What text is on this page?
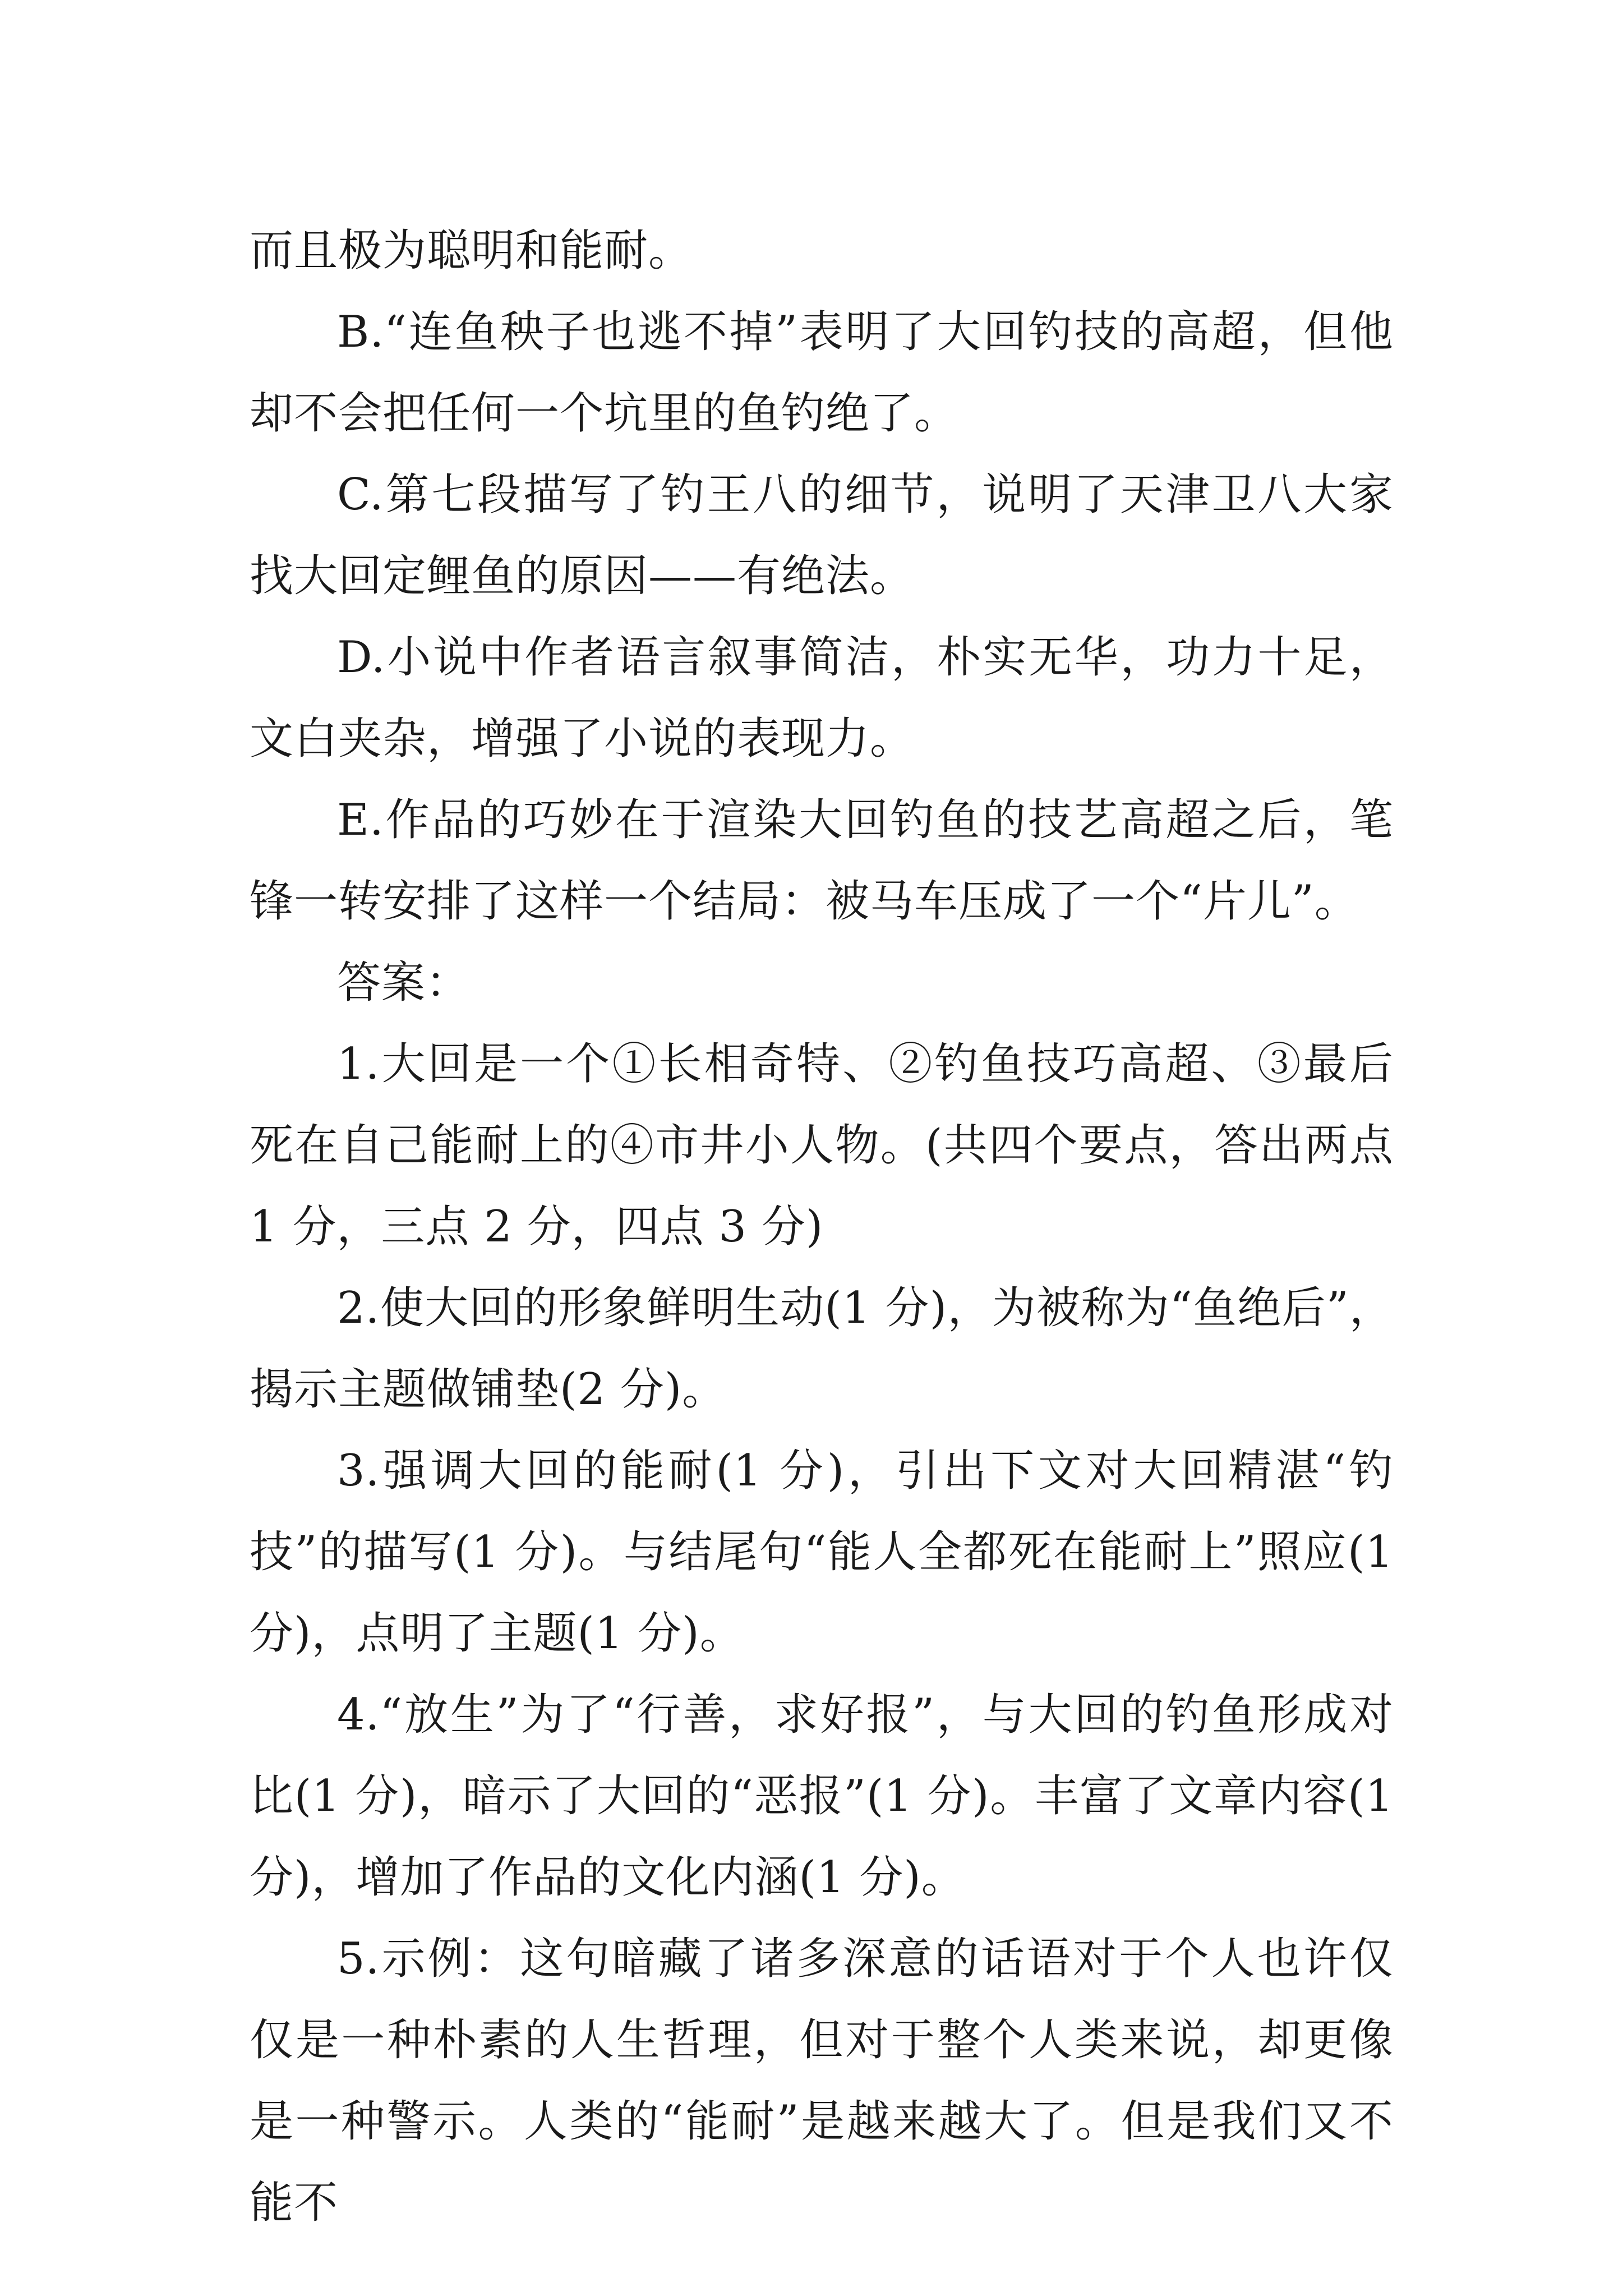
而且极为聪明和能耐。

B.“连鱼秧子也逃不掉”表明了大回钓技的高超，但他却不会把任何一个坑里的鱼钓绝了。

C.第七段描写了钓王八的细节，说明了天津卫八大家找大回定鲤鱼的原因——有绝法。

D.小说中作者语言叙事简洁，朴实无华，功力十足，文白夹杂，增强了小说的表现力。

E.作品的巧妙在于渲染大回钓鱼的技艺高超之后，笔锋一转安排了这样一个结局：被马车压成了一个“片儿”。

答案：

1.大回是一个①长相奇特、②钓鱼技巧高超、③最后死在自己能耐上的④市井小人物。(共四个要点，答出两点 1 分，三点 2 分，四点 3 分)

2.使大回的形象鲜明生动(1 分)，为被称为“鱼绝后”，揭示主题做铺垫(2 分)。

3.强调大回的能耐(1 分)，引出下文对大回精湛“钓技”的描写(1 分)。与结尾句“能人全都死在能耐上”照应(1 分)，点明了主题(1 分)。

4.“放生”为了“行善，求好报”，与大回的钓鱼形成对比(1 分)，暗示了大回的“恶报”(1 分)。丰富了文章内容(1 分)，增加了作品的文化内涵(1 分)。

5.示例：这句暗藏了诸多深意的话语对于个人也许仅仅是一种朴素的人生哲理，但对于整个人类来说，却更像是一种警示。人类的“能耐”是越来越大了。但是我们又不能不
